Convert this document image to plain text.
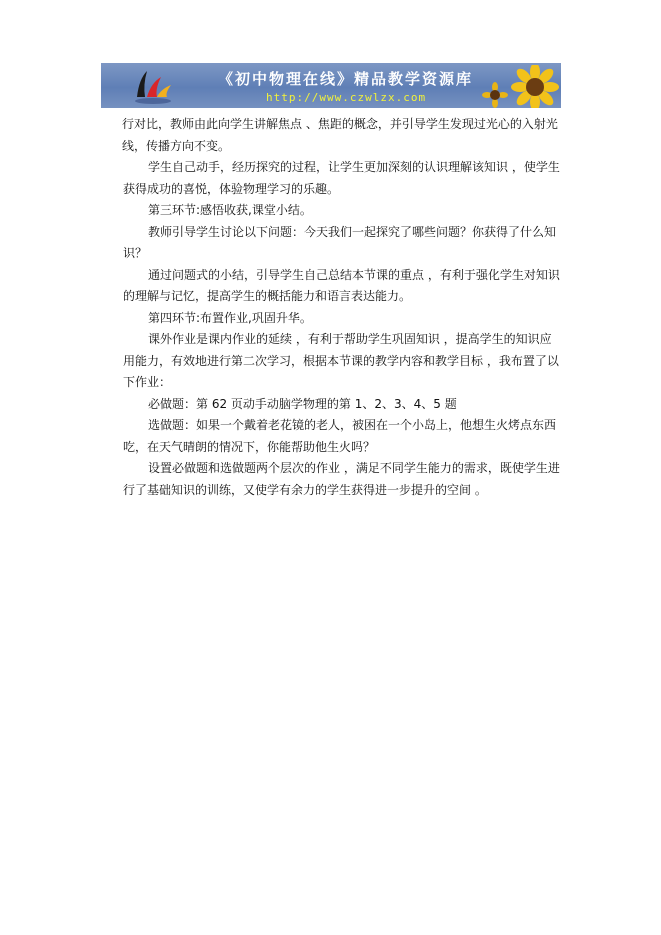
《初中物理在线》精品教学资源库
http://www.czwlzx.com

行对比，教师由此向学生讲解焦点 、焦距的概念，并引导学生发现过光心的入射光线，传播方向不变。

学生自己动手，经历探究的过程，让学生更加深刻的认识理解该知识 ，使学生获得成功的喜悦，体验物理学习的乐趣。

第三环节:感悟收获,课堂小结。

教师引导学生讨论以下问题：今天我们一起探究了哪些问题？你获得了什么知识？

通过问题式的小结，引导学生自己总结本节课的重点 ，有利于强化学生对知识的理解与记忆，提高学生的概括能力和语言表达能力。

第四环节:布置作业,巩固升华。

课外作业是课内作业的延续 ，有利于帮助学生巩固知识 ，提高学生的知识应用能力，有效地进行第二次学习，根据本节课的教学内容和教学目标 ，我布置了以下作业：

必做题：第 62 页动手动脑学物理的第 1、2、3、4、5 题

选做题：如果一个戴着老花镜的老人，被困在一个小岛上，他想生火烤点东西吃，在天气晴朗的情况下，你能帮助他生火吗？

设置必做题和选做题两个层次的作业 ，满足不同学生能力的需求，既使学生进行了基础知识的训练，又使学有余力的学生获得进一步提升的空间 。
